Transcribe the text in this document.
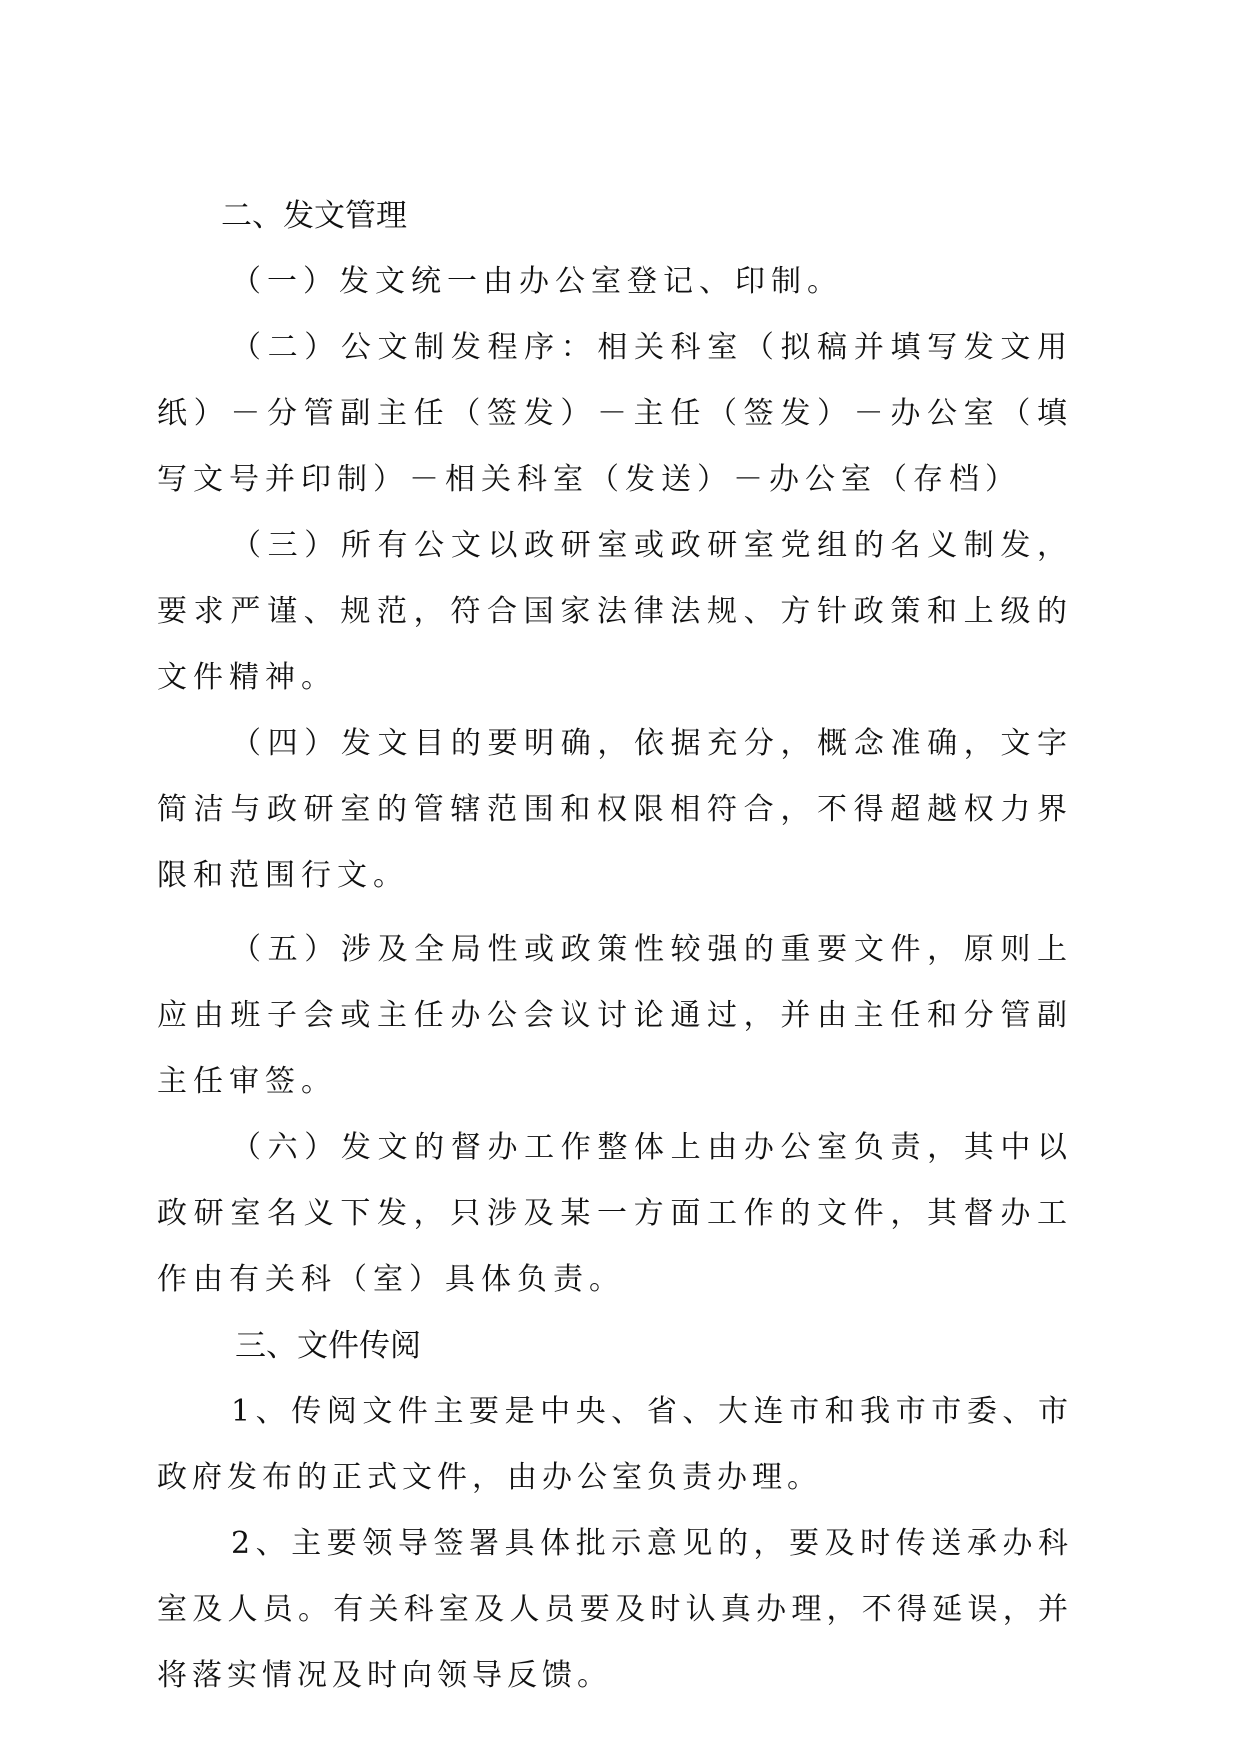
二、发文管理

（一）发文统一由办公室登记、印制。

（二）公文制发程序：相关科室（拟稿并填写发文用纸）－分管副主任（签发）－主任（签发）－办公室（填写文号并印制）－相关科室（发送）－办公室（存档）

（三）所有公文以政研室或政研室党组的名义制发，要求严谨、规范，符合国家法律法规、方针政策和上级的文件精神。

（四）发文目的要明确，依据充分，概念准确，文字简洁与政研室的管辖范围和权限相符合，不得超越权力界限和范围行文。

（五）涉及全局性或政策性较强的重要文件，原则上应由班子会或主任办公会议讨论通过，并由主任和分管副主任审签。

（六）发文的督办工作整体上由办公室负责，其中以政研室名义下发，只涉及某一方面工作的文件，其督办工作由有关科（室）具体负责。

三、文件传阅

1、传阅文件主要是中央、省、大连市和我市市委、市政府发布的正式文件，由办公室负责办理。

2、主要领导签署具体批示意见的，要及时传送承办科室及人员。有关科室及人员要及时认真办理，不得延误，并将落实情况及时向领导反馈。
